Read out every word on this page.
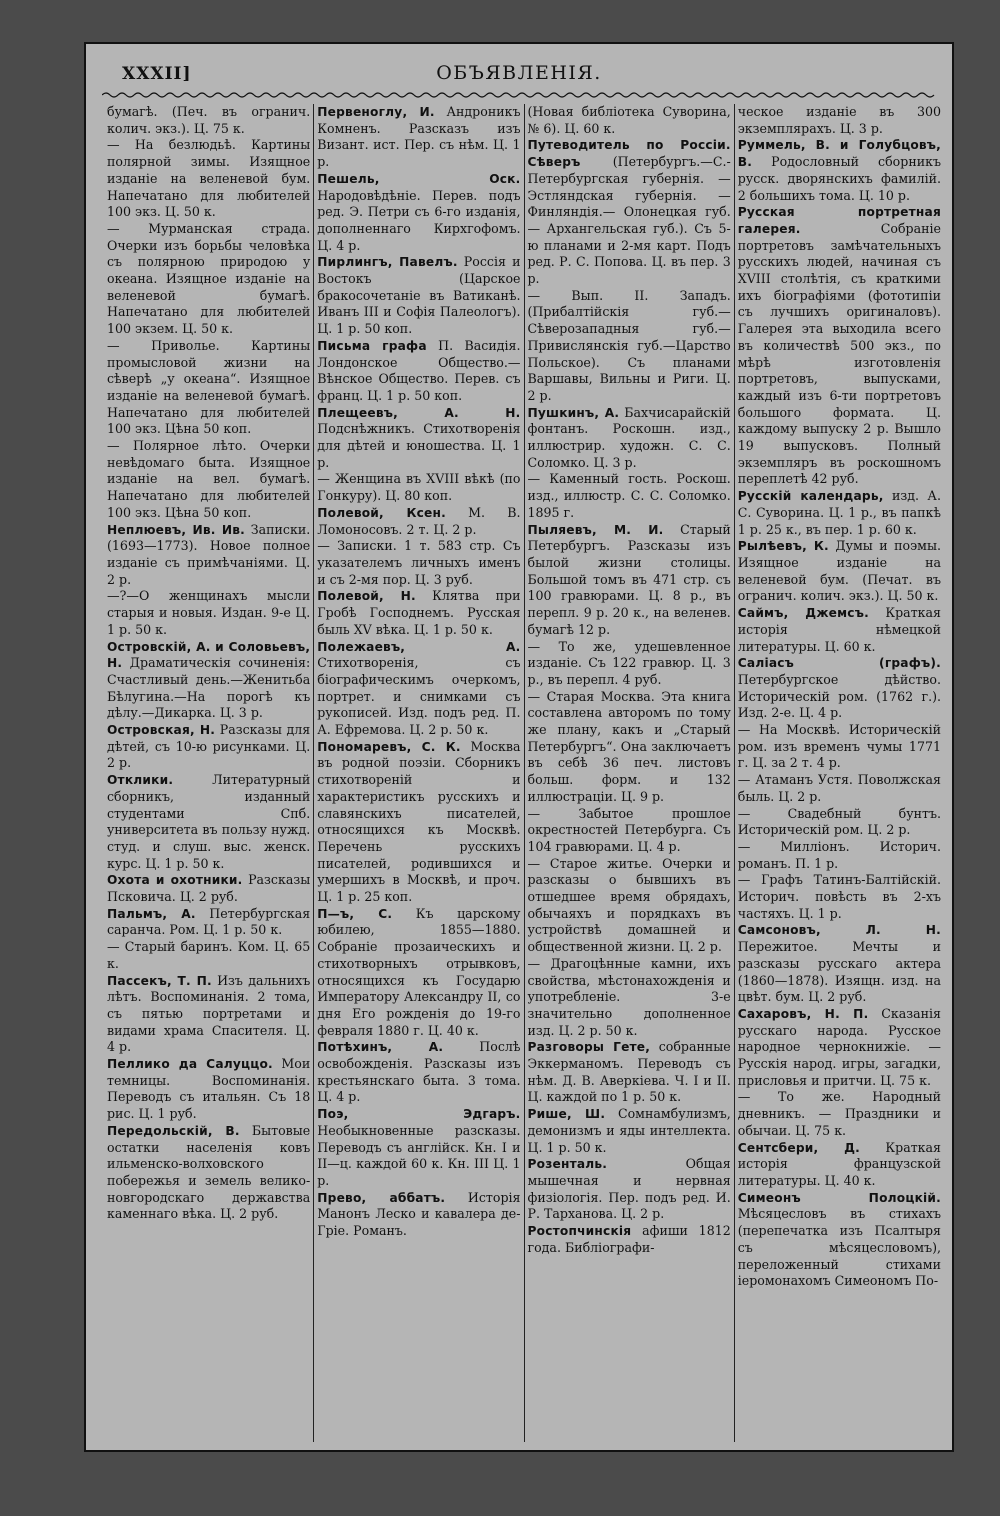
XXXII]	ОБЪЯВЛЕНІЯ.

бумагѣ. (Печ. въ огранич. колич. экз.). Ц. 75 к.

— На безлюдьѣ. Картины полярной зимы. Изящное изданіе на веленевой бум. Напечатано для любителей 100 экз. Ц. 50 к.

— Мурманская страда. Очерки изъ борьбы человѣка съ полярною природою у океана. Изящное изданіе на веленевой бумагѣ. Напечатано для любителей 100 экзем. Ц. 50 к.

— Приволье. Картины промысловой жизни на сѣверѣ „у океана“. Изящное изданіе на веленевой бумагѣ. Напечатано для любителей 100 экз. Цѣна 50 коп.

— Полярное лѣто. Очерки невѣдомаго быта. Изящное изданіе на вел. бумагѣ. Напечатано для любителей 100 экз. Цѣна 50 коп.

Неплюевъ, Ив. Ив. Записки. (1693—1773). Новое полное изданіе съ примѣчаніями. Ц. 2 р.

—?—О женщинахъ мысли старыя и новыя. Издан. 9-е Ц. 1 р. 50 к.

Островскій, А. и Соловьевъ, Н. Драматическія сочиненія: Счастливый день.—Женитьба Бѣлугина.—На порогѣ къ дѣлу.—Дикарка. Ц. 3 р.

Островская, Н. Разсказы для дѣтей, съ 10-ю рисунками. Ц. 2 р.

Отклики.	Литературный сборникъ, изданный студентами Спб. университета въ пользу нужд. студ. и слуш. выс. женск. курс. Ц. 1 р. 50 к.

Охота и охотники. Разсказы Псковича. Ц. 2 руб.

Пальмъ, А. Петербургская саранча. Ром. Ц. 1 р. 50 к.

— Старый баринъ. Ком. Ц. 65 к.

Пассекъ, Т. П. Изъ дальнихъ лѣтъ. Воспоминанія. 2 тома, съ пятью портретами и видами храма Спасителя. Ц. 4 р.

Пеллико да Салуццо. Мои темницы. Воспоминанія. Переводъ съ итальян. Съ 18 рис. Ц. 1 руб.

Передольскій, В. Бытовые остатки населенія ковъ ильменско-волховского побережья и земель велико-новгородскаго державства каменнаго вѣка. Ц. 2 руб.

Первеноглу, И. Андроникъ Комненъ. Разсказъ изъ Визант. ист. Пер. съ нѣм. Ц. 1 р.

Пешель, Оск. Народовѣдѣніе. Перев. подъ ред. Э. Петри съ 6-го изданія, дополненнаго Кирхгофомъ. Ц. 4 р.

Пирлингъ, Павелъ. Россія и Востокъ (Царское бракосочетаніе въ Ватиканѣ. Иванъ III и Софія Палеологъ). Ц. 1 р. 50 коп.

Письма графа П. Васидія. Лондонское Общество.—Вѣнское Общество. Перев. съ франц. Ц. 1 р. 50 коп.

Плещеевъ, А. Н. Подснѣжникъ. Стихотворенія для дѣтей и юношества. Ц. 1 р.

— Женщина въ XVIII вѣкѣ (по Гонкуру). Ц. 80 коп.

Полевой, Ксен. М. В. Ломоносовъ. 2 т. Ц. 2 р.

— Записки. 1 т. 583 стр. Съ указателемъ личныхъ именъ и съ 2-мя пор. Ц. 3 руб.

Полевой, Н. Клятва при Гробѣ Господнемъ. Русская быль XV вѣка. Ц. 1 р. 50 к.

Полежаевъ, А. Стихотворенія, съ біографическимъ очеркомъ, портрет. и снимками съ рукописей. Изд. подъ ред. П. А. Ефремова. Ц. 2 р. 50 к.

Пономаревъ, С. К. Москва въ родной поэзіи. Сборникъ стихотвореній и характеристикъ русскихъ и славянскихъ писателей, относящихся къ Москвѣ. Перечень русскихъ писателей, родившихся и умершихъ в Москвѣ, и проч. Ц. 1 р. 25 коп.

П—ъ, С. Къ царскому юбилею, 1855—1880. Собраніе прозаическихъ и стихотворныхъ отрывковъ, относящихся къ Государю Императору Александру II, со дня Его рожденія до 19-го февраля 1880 г. Ц. 40 к.

Потѣхинъ, А.	Послѣ освобожденія. Разсказы изъ крестьянскаго быта. 3 тома. Ц. 4 р.

Поэ, Эдгаръ. Необыкновенные разсказы. Переводъ съ англійск. Кн. I и II—ц. каждой 60 к. Кн. III Ц. 1 р.

Прево, аббатъ. Исторія Манонъ Леско и кавалера де-Гріе. Романъ.

(Новая библіотека Суворина, № 6). Ц. 60 к.

Путеводитель по Россіи. Сѣверъ	(Петербургъ.—С.-Петербургская губернія. — Эстляндская губернія. — Финляндія.— Олонецкая губ. — Архангельская губ.). Съ 5-ю планами и 2-мя карт. Подъ ред. Р. С. Попова. Ц. въ пер. 3 р.

— Вып. II. Западъ. (Прибалтійскія губ.—Сѣверозападныя губ.—Привислянскія губ.—Царство Польское). Съ планами Варшавы, Вильны и Риги. Ц. 2 р.

Пушкинъ, А. Бахчисарайскій фонтанъ. Роскошн. изд., иллюстрир. художн. С. С. Соломко. Ц. 3 р.

— Каменный гость. Роскош. изд., иллюстр. С. С. Соломко. 1895 г.

Пыляевъ, М. И. Старый Петербургъ. Разсказы изъ былой жизни столицы. Большой томъ въ 471 стр. съ 100 гравюрами. Ц. 8 р., въ перепл. 9 р. 20 к., на веленев. бумагѣ 12 р.

— То же, удешевленное изданіе. Съ 122 гравюр. Ц. 3 р., въ перепл. 4 руб.

— Старая Москва. Эта книга составлена авторомъ по тому же плану, какъ и „Старый Петербургъ“. Она заключаетъ въ себѣ 36 печ. листовъ больш. форм. и 132 иллюстраціи. Ц. 9 р.

— Забытое прошлое окрестностей Петербурга. Съ 104 гравюрами. Ц. 4 р.

— Старое житье. Очерки и разсказы о бывшихъ въ отшедшее время обрядахъ, обычаяхъ и порядкахъ въ устройствѣ домашней и общественной жизни. Ц. 2 р.

— Драгоцѣнные камни, ихъ свойства, мѣстонахожденія и употребленіе. 3-е значительно дополненное изд. Ц. 2 р. 50 к.

Разговоры Гете, собранные Эккерманомъ. Переводъ съ нѣм. Д. В. Аверкіева. Ч. I и II. Ц. каждой по 1 р. 50 к.

Рише, Ш. Сомнамбулизмъ, демонизмъ и яды интеллекта. Ц. 1 р. 50 к.

Розенталь.	Общая мышечная и нервная физіологія. Пер. подъ ред. И. Р. Тарханова. Ц. 2 р.

Ростопчинскія афиши 1812 года. Библіографи-

ческое изданіе въ 300 экземплярахъ. Ц. 3 р.

Руммель, В. и Голубцовъ, В. Родословный сборникъ русск. дворянскихъ фамилій. 2 большихъ тома. Ц. 10 р.

Русская портретная галерея.	Собраніе портретовъ замѣчательныхъ русскихъ людей, начиная съ XVIII столѣтія, съ краткими ихъ біографіями (фототипіи съ лучшихъ оригиналовъ). Галерея эта выходила всего въ количествѣ 500 экз., по мѣрѣ изготовленія портретовъ, выпусками, каждый изъ 6-ти портретовъ большого формата. Ц. каждому выпуску 2 р. Вышло 19 выпусковъ. Полный экземпляръ въ роскошномъ переплетѣ 42 руб.

Русскій календарь, изд. А. С. Суворина. Ц. 1 р., въ папкѣ 1 р. 25 к., въ пер. 1 р. 60 к.

Рылѣевъ, К. Думы и поэмы. Изящное изданіе на веленевой бум. (Печат. въ огранич. колич. экз.). Ц. 50 к.

Саймъ, Джемсъ. Краткая исторія нѣмецкой литературы. Ц. 60 к.

Саліасъ (графъ). Петербургское дѣйство. Историческій ром. (1762 г.). Изд. 2-е. Ц. 4 р.

— На Москвѣ. Историческій ром. изъ временъ чумы 1771 г. Ц. за 2 т. 4 р.

— Атаманъ Устя. Поволжская быль. Ц. 2 р.

— Свадебный бунтъ. Историческій ром. Ц. 2 р.

— Милліонъ. Историч. романъ. П. 1 р.

— Графъ Татинъ-Балтійскій. Историч. повѣсть въ 2-хъ частяхъ. Ц. 1 р.

Самсоновъ, Л. Н. Пережитое. Мечты и разсказы русскаго актера (1860—1878). Изящн. изд. на цвѣт. бум. Ц. 2 руб.

Сахаровъ, Н. П. Сказанія русскаго народа. Русское народное чернокнижіе. — Русскія народ. игры, загадки, присловья и притчи. Ц. 75 к.

— То же. Народный дневникъ. — Праздники и обычаи. Ц. 75 к.

Сентсбери, Д. Краткая исторія французской литературы. Ц. 40 к.

Симеонъ Полоцкій. Мѣсяцесловъ въ стихахъ (перепечатка изъ Псалтыря съ мѣсяцесловомъ), переложенный стихами іеромонахомъ Симеономъ По-
